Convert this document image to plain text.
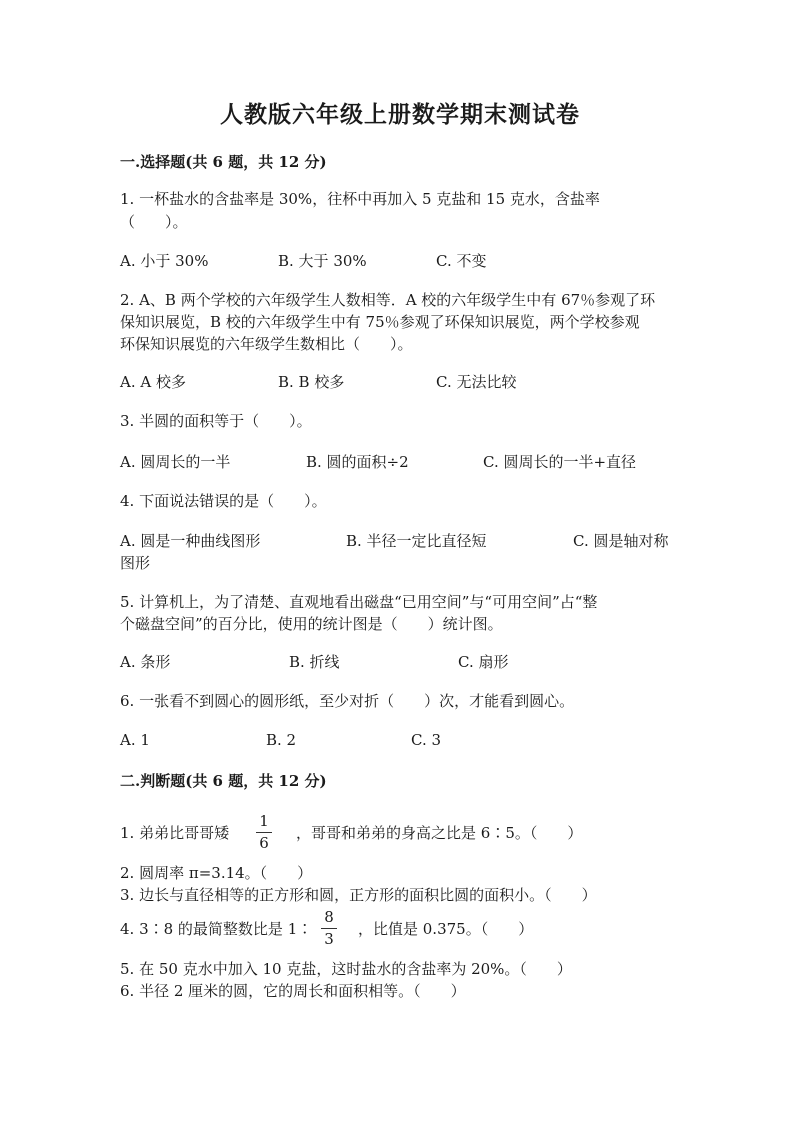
人教版六年级上册数学期末测试卷
一.选择题(共 6 题，共 12 分)
1. 一杯盐水的含盐率是 30%，往杯中再加入 5 克盐和 15 克水，含盐率
（　　）。
A. 小于 30%	B. 大于 30%	C. 不变
2. A、B 两个学校的六年级学生人数相等．A 校的六年级学生中有 67％参观了环
保知识展览，B 校的六年级学生中有 75％参观了环保知识展览，两个学校参观
环保知识展览的六年级学生数相比（　　）。
A. A 校多	B. B 校多	C. 无法比较
3. 半圆的面积等于（　　）。
A. 圆周长的一半	B. 圆的面积÷2	C. 圆周长的一半+直径
4. 下面说法错误的是（　　）。
A. 圆是一种曲线图形	B. 半径一定比直径短	C. 圆是轴对称
图形
5. 计算机上，为了清楚、直观地看出磁盘“已用空间”与“可用空间”占“整
个磁盘空间”的百分比，使用的统计图是（　　）统计图。
A. 条形	B. 折线	C. 扇形
6. 一张看不到圆心的圆形纸，至少对折（　　）次，才能看到圆心。
A. 1	B. 2	C. 3
二.判断题(共 6 题，共 12 分)
1. 弟弟比哥哥矮
1
6
，哥哥和弟弟的身高之比是 6∶5。（　　）
2. 圆周率 π=3.14。（　　）
3. 边长与直径相等的正方形和圆，正方形的面积比圆的面积小。（　　）
4. 3∶8 的最简整数比是 1∶
8
3
，比值是 0.375。（　　）
5. 在 50 克水中加入 10 克盐，这时盐水的含盐率为 20%。（　　）
6. 半径 2 厘米的圆，它的周长和面积相等。（　　）
